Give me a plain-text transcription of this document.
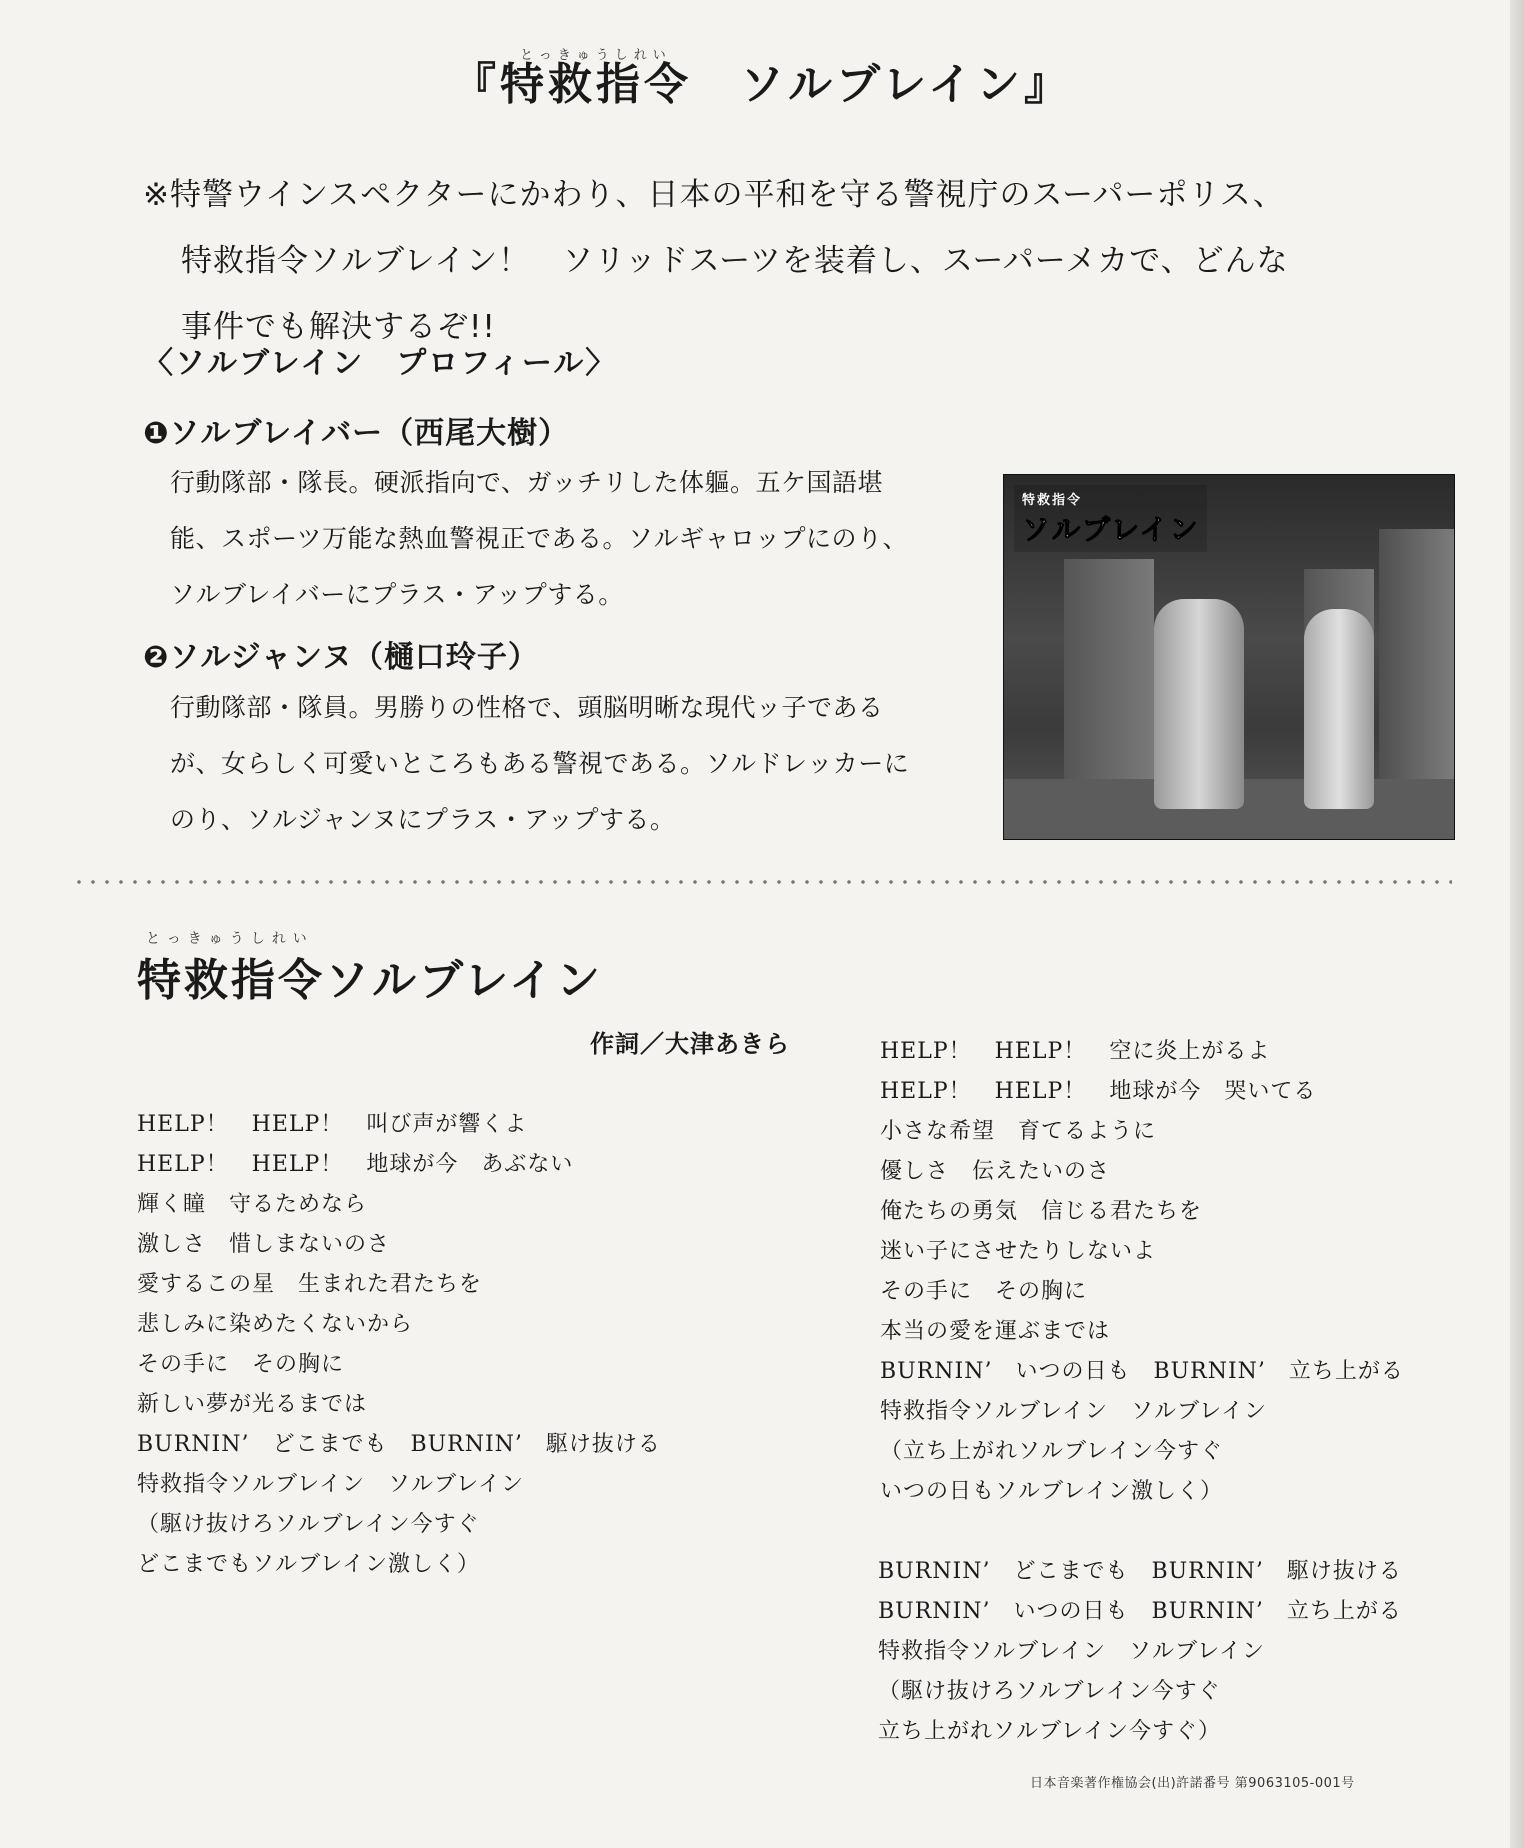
とっきゅうしれい
『特救指令　ソルブレイン』

※特警ウインスペクターにかわり、日本の平和を守る警視庁のスーパーポリス、

特救指令ソルブレイン！　ソリッドスーツを装着し、スーパーメカで、どんな

事件でも解決するぞ!!

〈ソルブレイン　プロフィール〉
❶ソルブレイバー（西尾大樹）

行動隊部・隊長。硬派指向で、ガッチリした体軀。五ケ国語堪

能、スポーツ万能な熱血警視正である。ソルギャロップにのり、

ソルブレイバーにプラス・アップする。

❷ソルジャンヌ（樋口玲子）

行動隊部・隊員。男勝りの性格で、頭脳明晰な現代ッ子である

が、女らしく可愛いところもある警視である。ソルドレッカーに

のり、ソルジャンヌにプラス・アップする。

特救指令
ソルブレイン
とっきゅうしれい
特救指令ソルブレイン
作詞／大津あきら

HELP！　HELP！　叫び声が響くよ

HELP！　HELP！　地球が今　あぶない

輝く瞳　守るためなら

激しさ　惜しまないのさ

愛するこの星　生まれた君たちを

悲しみに染めたくないから

その手に　その胸に

新しい夢が光るまでは

BURNIN’　どこまでも　BURNIN’　駆け抜ける

特救指令ソルブレイン　ソルブレイン

（駆け抜けろソルブレイン今すぐ

どこまでもソルブレイン激しく）

HELP！　HELP！　空に炎上がるよ

HELP！　HELP！　地球が今　哭いてる

小さな希望　育てるように

優しさ　伝えたいのさ

俺たちの勇気　信じる君たちを

迷い子にさせたりしないよ

その手に　その胸に

本当の愛を運ぶまでは

BURNIN’　いつの日も　BURNIN’　立ち上がる

特救指令ソルブレイン　ソルブレイン

（立ち上がれソルブレイン今すぐ

いつの日もソルブレイン激しく）

BURNIN’　どこまでも　BURNIN’　駆け抜ける

BURNIN’　いつの日も　BURNIN’　立ち上がる

特救指令ソルブレイン　ソルブレイン

（駆け抜けろソルブレイン今すぐ

立ち上がれソルブレイン今すぐ）

日本音楽著作権協会(出)許諾番号 第9063105-001号
